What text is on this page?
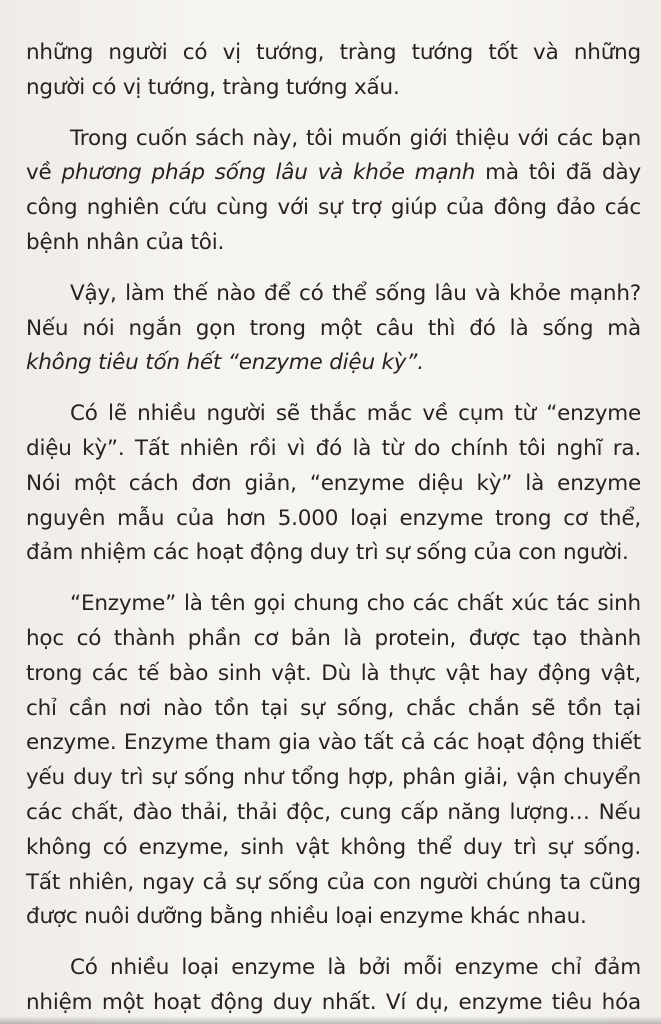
những người có vị tướng, tràng tướng tốt và những
người có vị tướng, tràng tướng xấu.
Trong cuốn sách này, tôi muốn giới thiệu với các bạn
về phương pháp sống lâu và khỏe mạnh mà tôi đã dày
công nghiên cứu cùng với sự trợ giúp của đông đảo các
bệnh nhân của tôi.
Vậy, làm thế nào để có thể sống lâu và khỏe mạnh?
Nếu nói ngắn gọn trong một câu thì đó là sống mà
không tiêu tốn hết “enzyme diệu kỳ”.
Có lẽ nhiều người sẽ thắc mắc về cụm từ “enzyme
diệu kỳ”. Tất nhiên rồi vì đó là từ do chính tôi nghĩ ra.
Nói một cách đơn giản, “enzyme diệu kỳ” là enzyme
nguyên mẫu của hơn 5.000 loại enzyme trong cơ thể,
đảm nhiệm các hoạt động duy trì sự sống của con người.
“Enzyme” là tên gọi chung cho các chất xúc tác sinh
học có thành phần cơ bản là protein, được tạo thành
trong các tế bào sinh vật. Dù là thực vật hay động vật,
chỉ cần nơi nào tồn tại sự sống, chắc chắn sẽ tồn tại
enzyme. Enzyme tham gia vào tất cả các hoạt động thiết
yếu duy trì sự sống như tổng hợp, phân giải, vận chuyển
các chất, đào thải, thải độc, cung cấp năng lượng… Nếu
không có enzyme, sinh vật không thể duy trì sự sống.
Tất nhiên, ngay cả sự sống của con người chúng ta cũng
được nuôi dưỡng bằng nhiều loại enzyme khác nhau.
Có nhiều loại enzyme là bởi mỗi enzyme chỉ đảm
nhiệm một hoạt động duy nhất. Ví dụ, enzyme tiêu hóa
